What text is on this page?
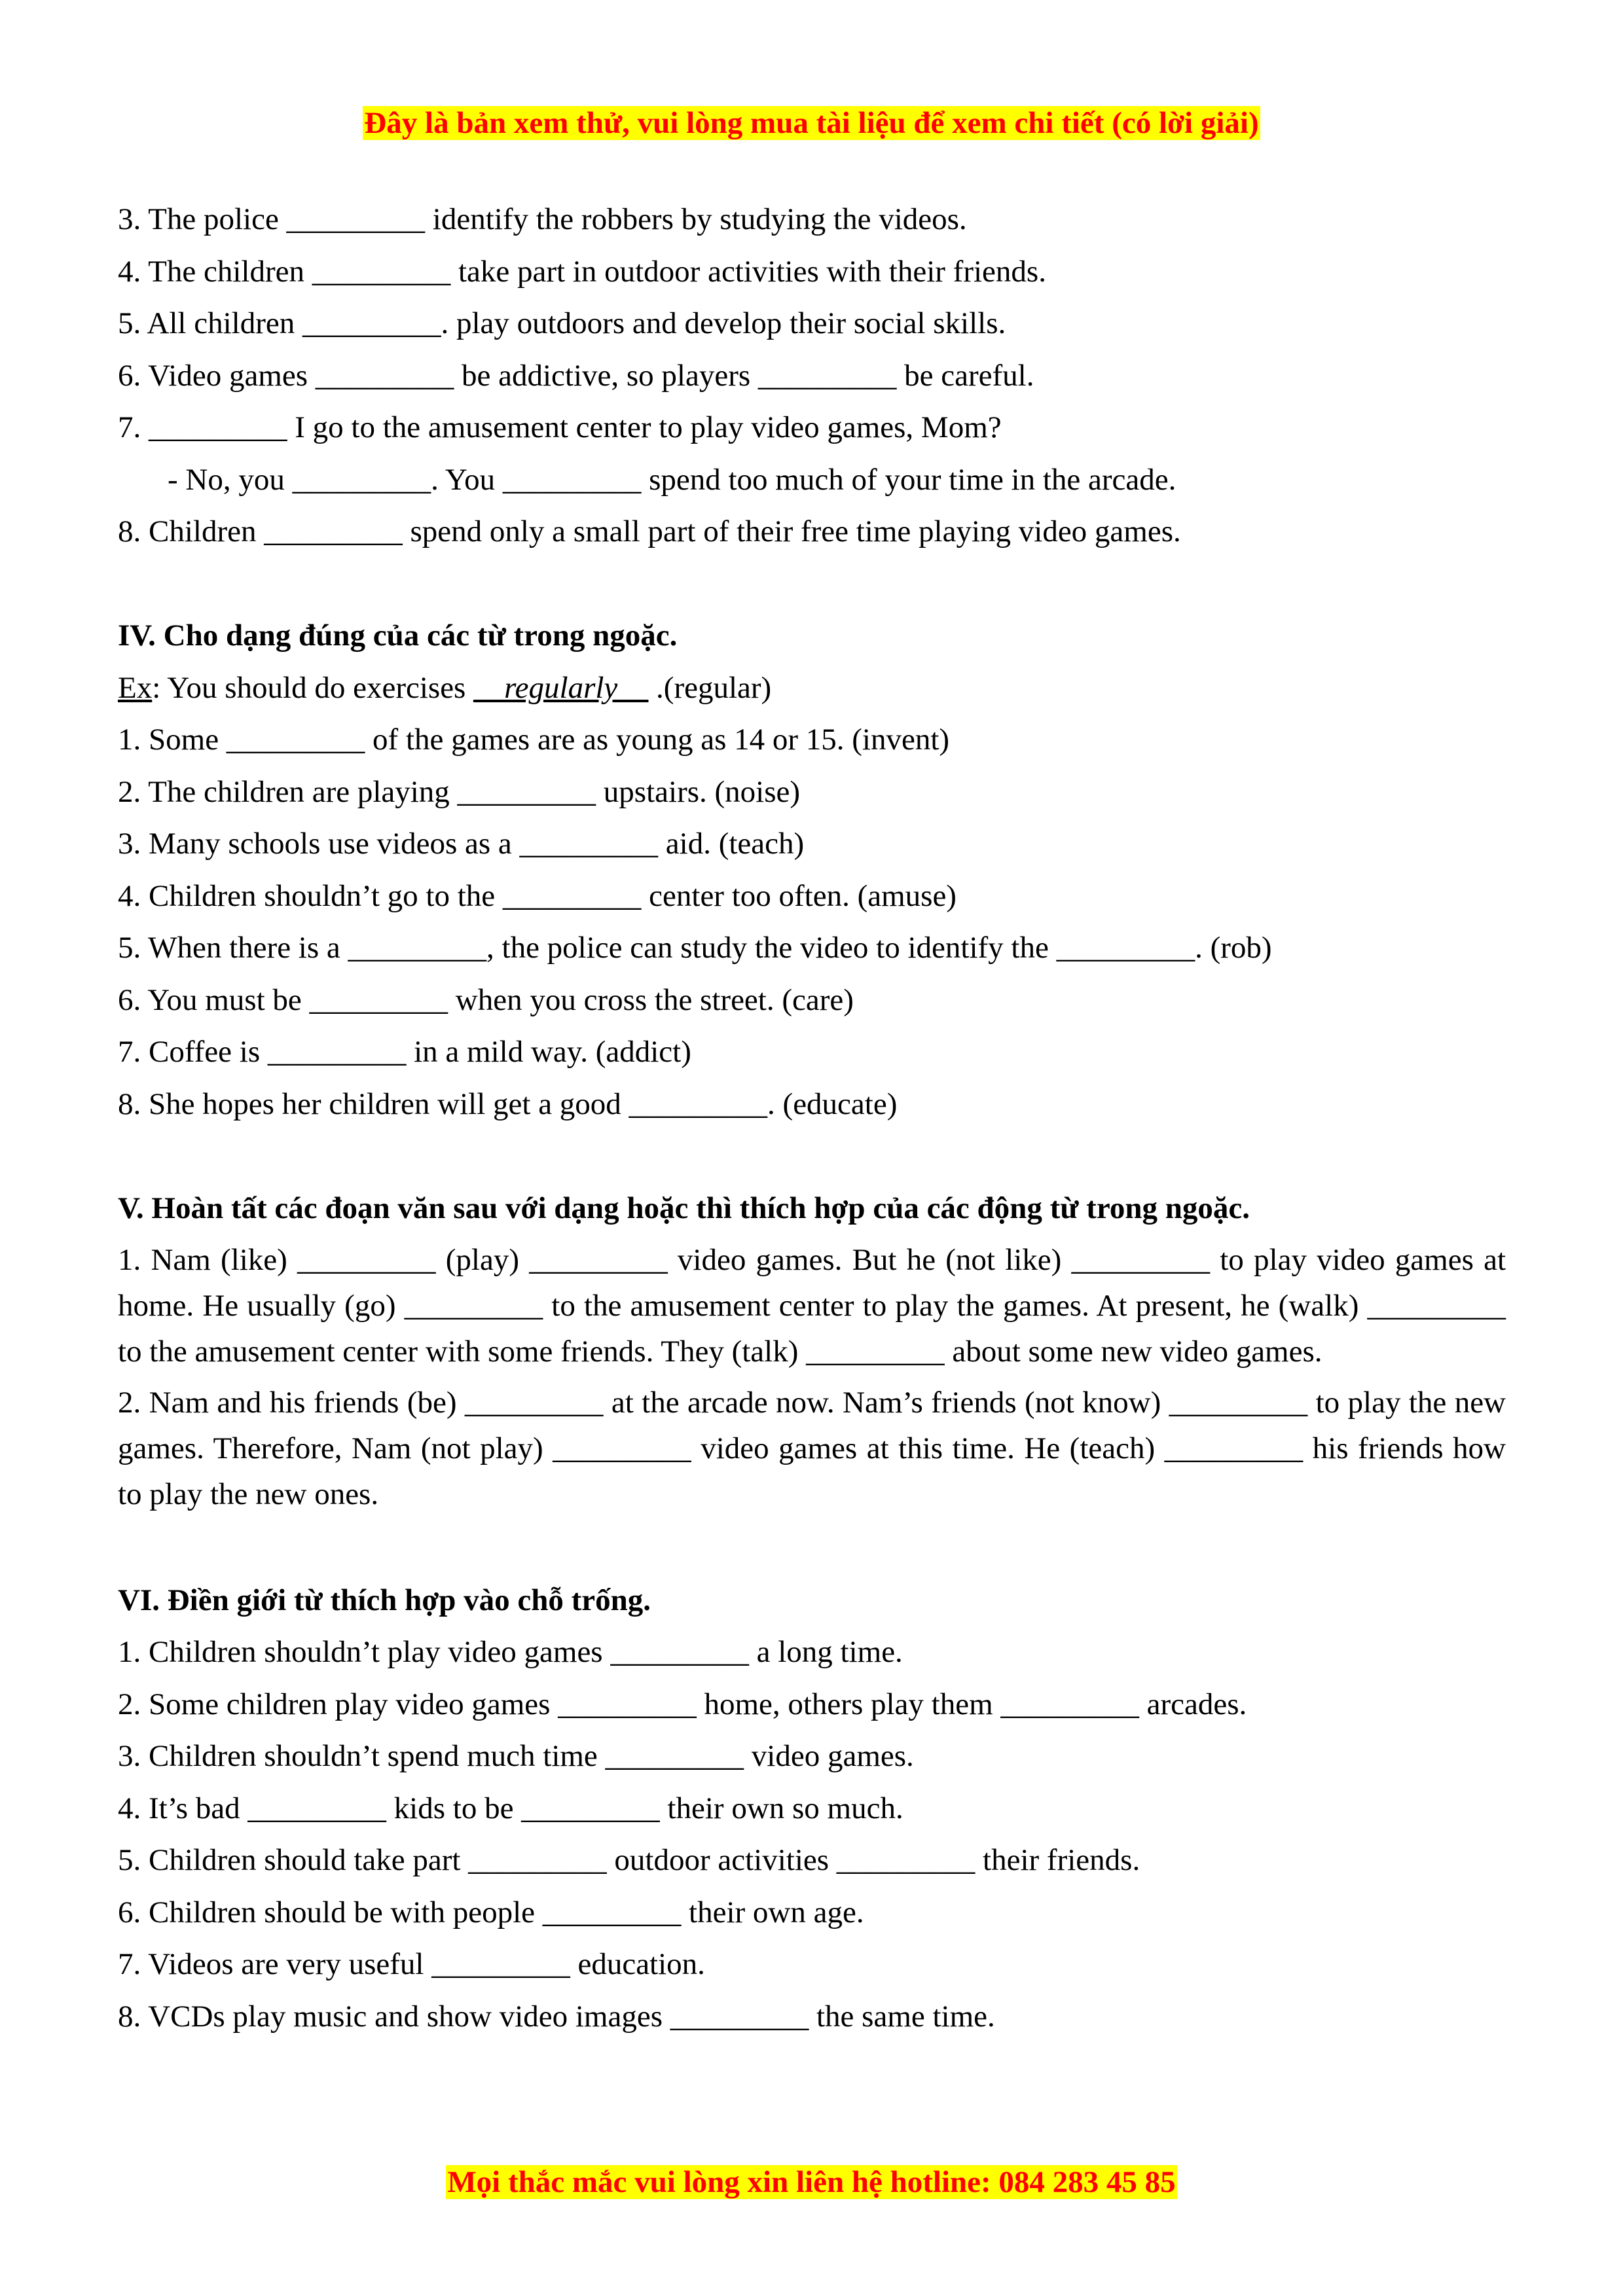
Đây là bản xem thử, vui lòng mua tài liệu để xem chi tiết (có lời giải)
3. The police _________ identify the robbers by studying the videos.
4. The children _________ take part in outdoor activities with their friends.
5. All children _________. play outdoors and develop their social skills.
6. Video games _________ be addictive, so players _________ be careful.
7. _________ I go to the amusement center to play video games, Mom?
- No, you _________. You _________ spend too much of your time in the arcade.
8. Children _________ spend only a small part of their free time playing video games.
IV. Cho dạng đúng của các từ trong ngoặc.
Ex: You should do exercises __regularly__ .(regular)
1. Some _________ of the games are as young as 14 or 15. (invent)
2. The children are playing _________ upstairs. (noise)
3. Many schools use videos as a _________ aid. (teach)
4. Children shouldn’t go to the _________ center too often. (amuse)
5. When there is a _________, the police can study the video to identify the _________. (rob)
6. You must be _________ when you cross the street. (care)
7. Coffee is _________ in a mild way. (addict)
8. She hopes her children will get a good _________. (educate)
V. Hoàn tất các đoạn văn sau với dạng hoặc thì thích hợp của các động từ trong ngoặc.
1. Nam (like) _________ (play) _________ video games. But he (not like) _________ to play video games at home. He usually (go) _________ to the amusement center to play the games. At present, he (walk) _________ to the amusement center with some friends. They (talk) _________ about some new video games.
2. Nam and his friends (be) _________ at the arcade now. Nam’s friends (not know) _________ to play the new games. Therefore, Nam (not play) _________ video games at this time. He (teach) _________ his friends how to play the new ones.
VI. Điền giới từ thích hợp vào chỗ trống.
1. Children shouldn’t play video games _________ a long time.
2. Some children play video games _________ home, others play them _________ arcades.
3. Children shouldn’t spend much time _________ video games.
4. It’s bad _________ kids to be _________ their own so much.
5. Children should take part _________ outdoor activities _________ their friends.
6. Children should be with people _________ their own age.
7. Videos are very useful _________ education.
8. VCDs play music and show video images _________ the same time.
Mọi thắc mắc vui lòng xin liên hệ hotline: 084 283 45 85
